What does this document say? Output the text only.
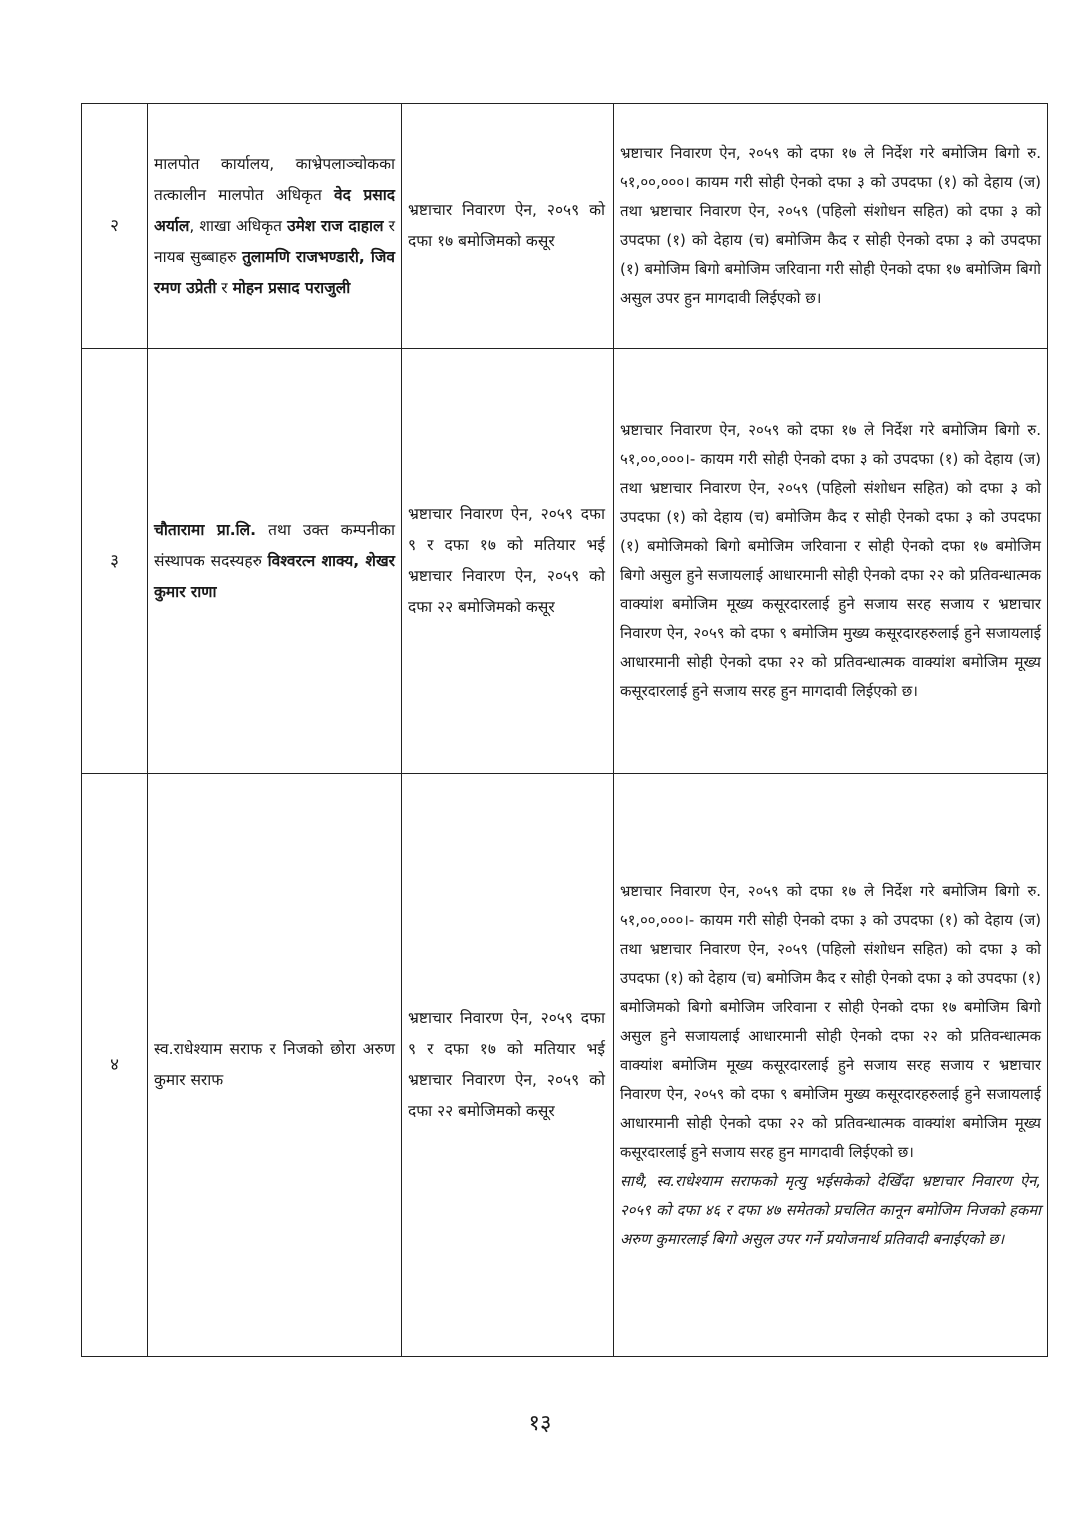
२	मालपोत कार्यालय, काभ्रेपलाञ्चोकका तत्कालीन मालपोत अधिकृत वेद प्रसाद अर्याल, शाखा अधिकृत उमेश राज दाहाल र नायब सुब्बाहरु तुलामणि राजभण्डारी, जिव रमण उप्रेती र मोहन प्रसाद पराजुली	भ्रष्टाचार निवारण ऐन, २०५९ को दफा १७ बमोजिमको कसूर	भ्रष्टाचार निवारण ऐन, २०५९ को दफा १७ ले निर्देश गरे बमोजिम बिगो रु. ५१,००,०००। कायम गरी सोही ऐनको दफा ३ को उपदफा (१) को देहाय (ज) तथा भ्रष्टाचार निवारण ऐन, २०५९ (पहिलो संशोधन सहित) को दफा ३ को उपदफा (१) को देहाय (च) बमोजिम कैद र सोही ऐनको दफा ३ को उपदफा (१) बमोजिम बिगो बमोजिम जरिवाना गरी सोही ऐनको दफा १७ बमोजिम बिगो असुल उपर हुन मागदावी लिईएको छ।
३	चौतारामा प्रा.लि. तथा उक्त कम्पनीका संस्थापक सदस्यहरु विश्वरत्न शाक्य, शेखर कुमार राणा	भ्रष्टाचार निवारण ऐन, २०५९ दफा ९ र दफा १७ को मतियार भई भ्रष्टाचार निवारण ऐन, २०५९ को दफा २२ बमोजिमको कसूर	भ्रष्टाचार निवारण ऐन, २०५९ को दफा १७ ले निर्देश गरे बमोजिम बिगो रु. ५१,००,०००।- कायम गरी सोही ऐनको दफा ३ को उपदफा (१) को देहाय (ज) तथा भ्रष्टाचार निवारण ऐन, २०५९ (पहिलो संशोधन सहित) को दफा ३ को उपदफा (१) को देहाय (च) बमोजिम कैद र सोही ऐनको दफा ३ को उपदफा (१) बमोजिमको बिगो बमोजिम जरिवाना र सोही ऐनको दफा १७ बमोजिम बिगो असुल हुने सजायलाई आधारमानी सोही ऐनको दफा २२ को प्रतिवन्धात्मक वाक्यांश बमोजिम मूख्य कसूरदारलाई हुने सजाय सरह सजाय र भ्रष्टाचार निवारण ऐन, २०५९ को दफा ९ बमोजिम मुख्य कसूरदारहरुलाई हुने सजायलाई आधारमानी सोही ऐनको दफा २२ को प्रतिवन्धात्मक वाक्यांश बमोजिम मूख्य कसूरदारलाई हुने सजाय सरह हुन मागदावी लिईएको छ।
४	स्व.राधेश्याम सराफ र निजको छोरा अरुण कुमार सराफ	भ्रष्टाचार निवारण ऐन, २०५९ दफा ९ र दफा १७ को मतियार भई भ्रष्टाचार निवारण ऐन, २०५९ को दफा २२ बमोजिमको कसूर	भ्रष्टाचार निवारण ऐन, २०५९ को दफा १७ ले निर्देश गरे बमोजिम बिगो रु. ५१,००,०००।- कायम गरी सोही ऐनको दफा ३ को उपदफा (१) को देहाय (ज) तथा भ्रष्टाचार निवारण ऐन, २०५९ (पहिलो संशोधन सहित) को दफा ३ को उपदफा (१) को देहाय (च) बमोजिम कैद र सोही ऐनको दफा ३ को उपदफा (१) बमोजिमको बिगो बमोजिम जरिवाना र सोही ऐनको दफा १७ बमोजिम बिगो असुल हुने सजायलाई आधारमानी सोही ऐनको दफा २२ को प्रतिवन्धात्मक वाक्यांश बमोजिम मूख्य कसूरदारलाई हुने सजाय सरह सजाय र भ्रष्टाचार निवारण ऐन, २०५९ को दफा ९ बमोजिम मुख्य कसूरदारहरुलाई हुने सजायलाई आधारमानी सोही ऐनको दफा २२ को प्रतिवन्धात्मक वाक्यांश बमोजिम मूख्य कसूरदारलाई हुने सजाय सरह हुन मागदावी लिईएको छ।
साथै, स्व.राधेश्याम सराफको मृत्यु भईसकेको देखिँदा भ्रष्टाचार निवारण ऐन, २०५९ को दफा ४६ र दफा ४७ समेतको प्रचलित कानून बमोजिम निजको हकमा अरुण कुमारलाई बिगो असुल उपर गर्ने प्रयोजनार्थ प्रतिवादी बनाईएको छ।
१३
